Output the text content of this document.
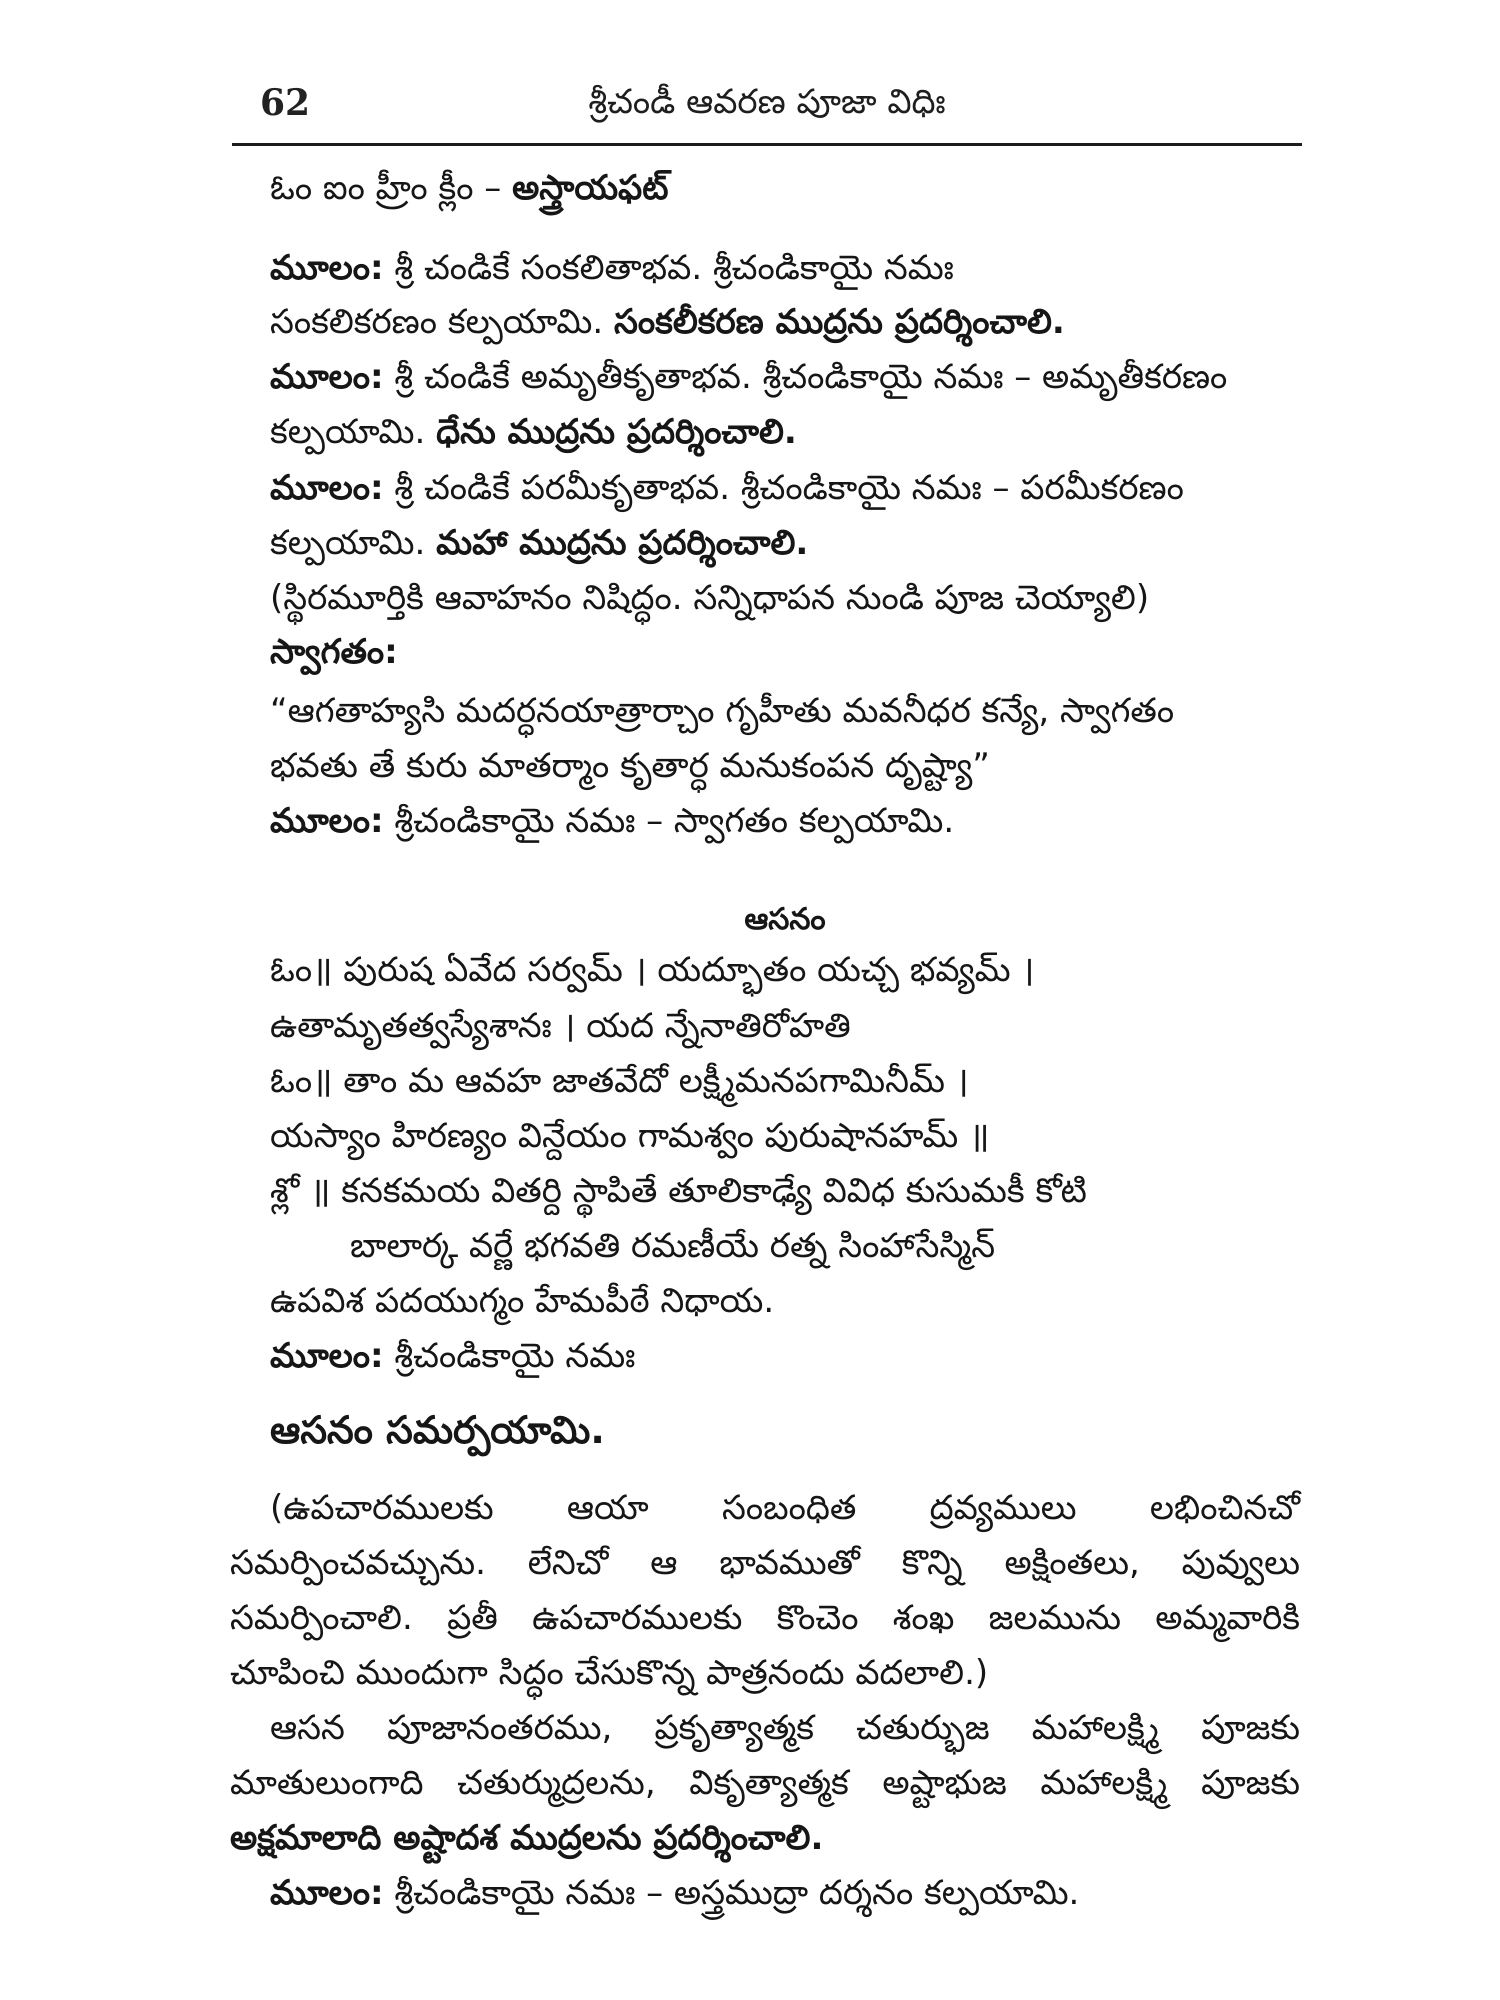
62	శ్రీచండీ ఆవరణ పూజా విధిః
ఓం ఐం హ్రీం క్లీం – అస్త్రాయఫట్
మూలం: శ్రీ చండికే సంకలితాభవ. శ్రీచండికాయై నమః
సంకలికరణం కల్పయామి. సంకలీకరణ ముద్రను ప్రదర్శించాలి.
మూలం: శ్రీ చండికే అమృతీకృతాభవ. శ్రీచండికాయై నమః – అమృతీకరణం
కల్పయామి. ధేను ముద్రను ప్రదర్శించాలి.
మూలం: శ్రీ చండికే పరమీకృతాభవ. శ్రీచండికాయై నమః – పరమీకరణం
కల్పయామి. మహా ముద్రను ప్రదర్శించాలి.
(స్థిరమూర్తికి ఆవాహనం నిషిద్ధం. సన్నిధాపన నుండి పూజ చెయ్యాలి)
స్వాగతం:
“ఆగతాహ్యసి మదర్ధనయాత్రార్చాం గృహీతు మవనీధర కన్యే, స్వాగతం
భవతు తే కురు మాతర్మాం కృతార్ధ మనుకంపన దృష్ట్యా”
మూలం: శ్రీచండికాయై నమః – స్వాగతం కల్పయామి.
ఆసనం
ఓం॥ పురుష ఏవేద సర్వమ్ । యద్భూతం యచ్చ భవ్యమ్ ।
ఉతామృతత్వస్యేశానః । యద న్నేనాతిరోహతి
ఓం॥ తాం మ ఆవహ జాతవేదో లక్ష్మీమనపగామినీమ్ ।
యస్యాం హిరణ్యం విన్దేయం గామశ్వం పురుషానహమ్ ॥
శ్లో ॥ కనకమయ వితర్ది స్థాపితే తూలికాఢ్యే వివిధ కుసుమకీ కోటి
బాలార్క వర్ణే భగవతి రమణీయే రత్న సింహాసేస్మిన్
ఉపవిశ పదయుగ్మం హేమపీఠే నిధాయ.
మూలం: శ్రీచండికాయై నమః
ఆసనం సమర్పయామి.
(ఉపచారములకు ఆయా సంబంధిత ద్రవ్యములు లభించినచో
సమర్పించవచ్చును. లేనిచో ఆ భావముతో కొన్ని అక్షింతలు, పువ్వులు
సమర్పించాలి. ప్రతీ ఉపచారములకు కొంచెం శంఖ జలమును అమ్మవారికి
చూపించి ముందుగా సిద్ధం చేసుకొన్న పాత్రనందు వదలాలి.)
ఆసన పూజానంతరము, ప్రకృత్యాత్మక చతుర్భుజ మహాలక్ష్మి పూజకు
మాతులుంగాది చతుర్ముద్రలను, వికృత్యాత్మక అష్టాభుజ మహాలక్ష్మి పూజకు
అక్షమాలాది అష్టాదశ ముద్రలను ప్రదర్శించాలి.
మూలం: శ్రీచండికాయై నమః – అస్త్రముద్రా దర్శనం కల్పయామి.
